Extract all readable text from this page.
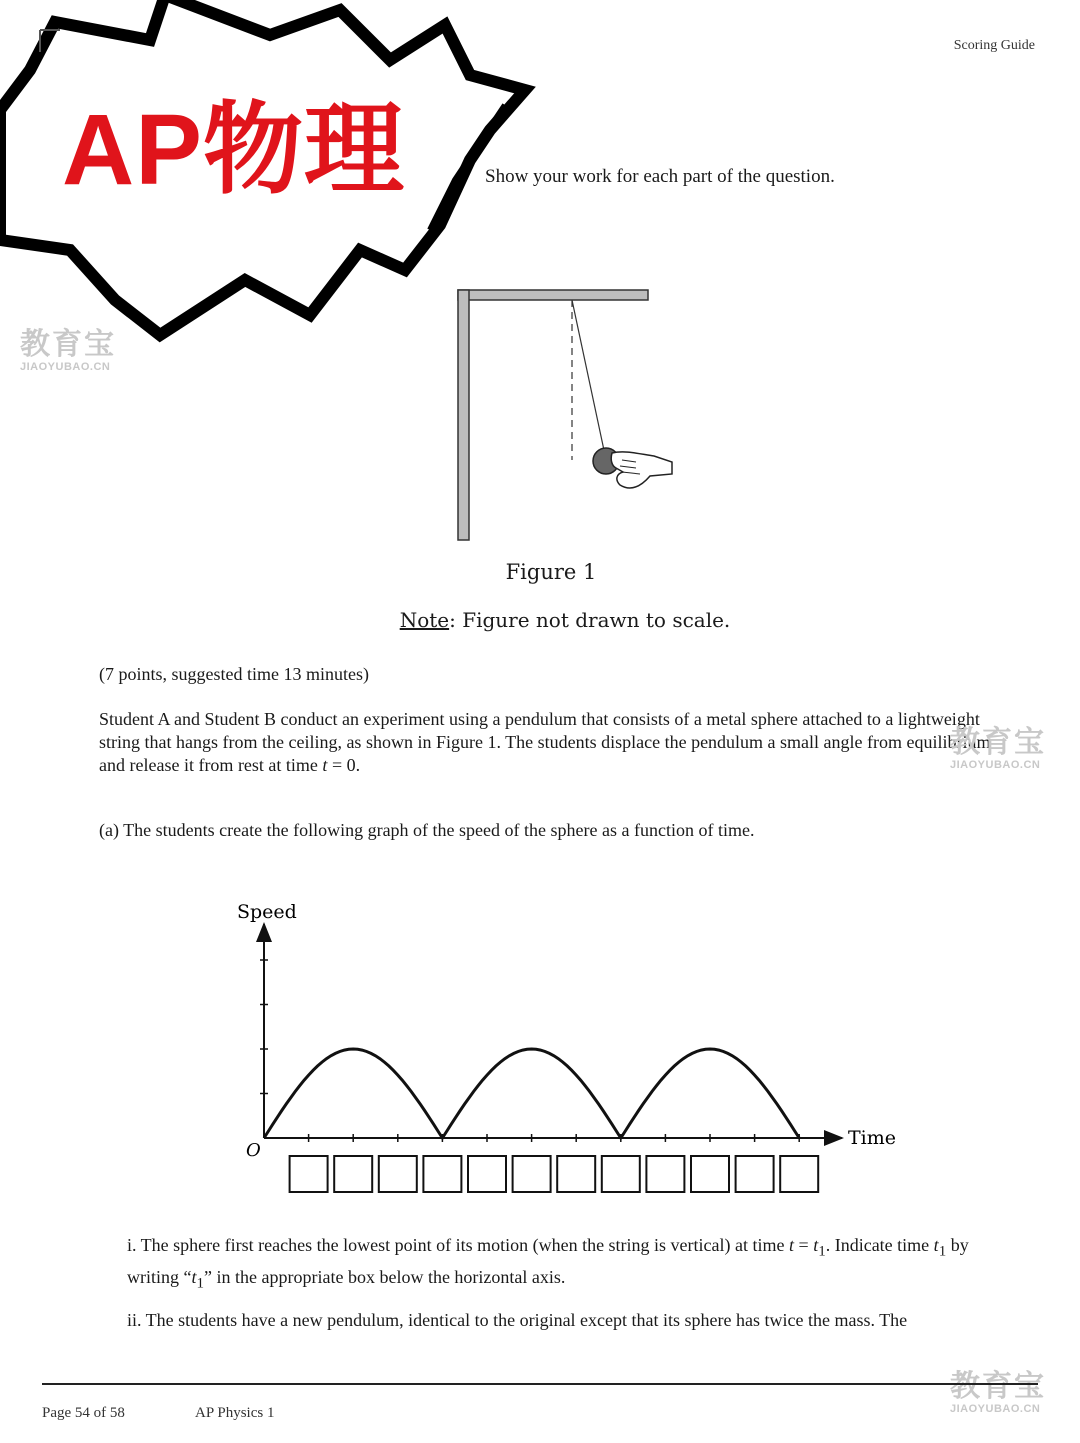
Scoring Guide
Show your work for each part of the question.
AP物理
教育宝
JIAOYUBAO.CN
Figure 1
Note: Figure not drawn to scale.
(7 points, suggested time 13 minutes)
Student A and Student B conduct an experiment using a pendulum that consists of a metal sphere attached to a lightweight string that hangs from the ceiling, as shown in Figure 1. The students displace the pendulum a small angle from equilibrium and release it from rest at time t = 0.
(a) The students create the following graph of the speed of the sphere as a function of time.
Speed
Time
O
i. The sphere first reaches the lowest point of its motion (when the string is vertical) at time $t = t_1$. Indicate time $t_1$ by writing “$t_1$” in the appropriate box below the horizontal axis.
ii. The students have a new pendulum, identical to the original except that its sphere has twice the mass. The
教育宝
JIAOYUBAO.CN
教育宝
JIAOYUBAO.CN
Page 54 of 58	AP Physics 1
